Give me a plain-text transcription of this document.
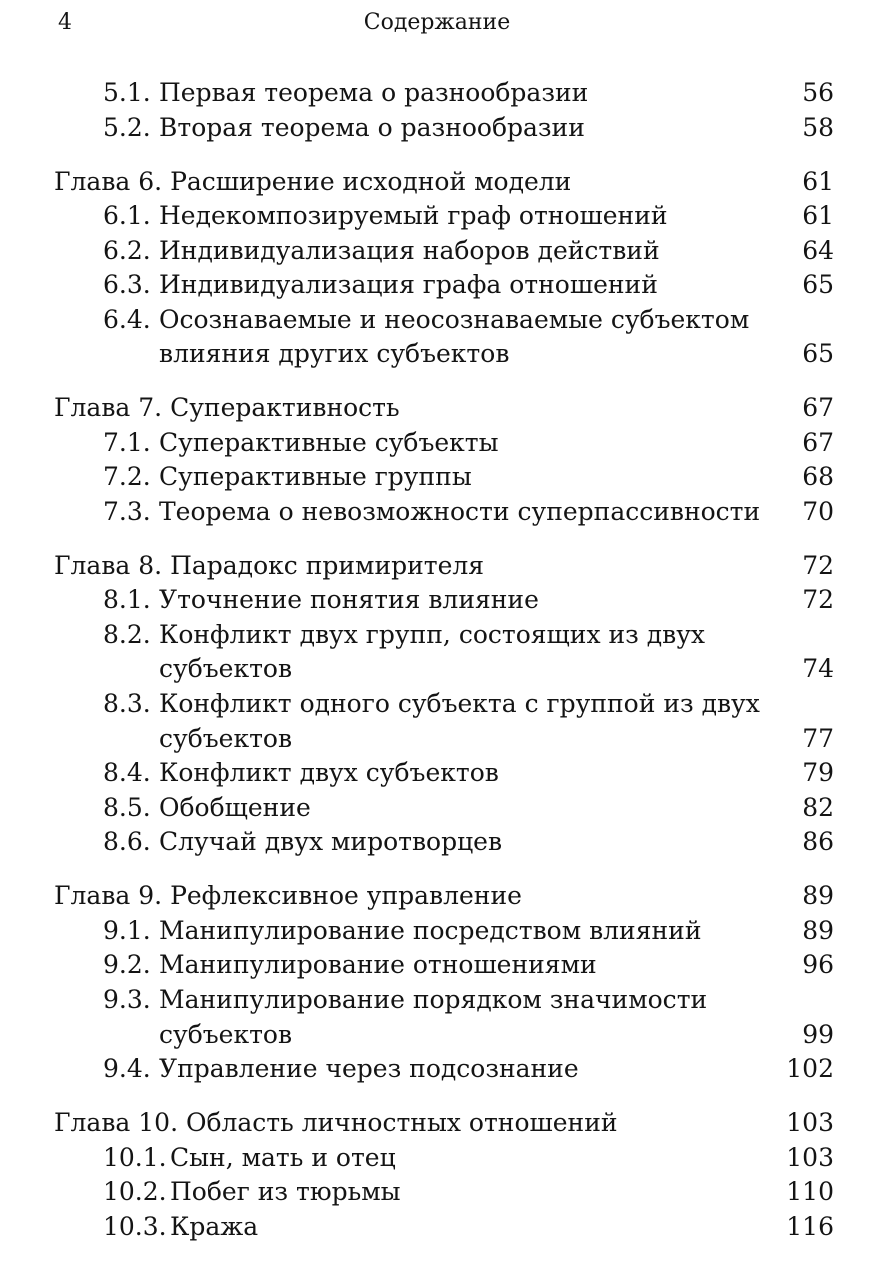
4	Содержание
5.1. Первая теорема о разнообразии	56
5.2. Вторая теорема о разнообразии	58
Глава 6. Расширение исходной модели	61
6.1. Недекомпозируемый граф отношений	61
6.2. Индивидуализация наборов действий	64
6.3. Индивидуализация графа отношений	65
6.4. Осознаваемые и неосознаваемые субъектом
влияния других субъектов	65
Глава 7. Суперактивность	67
7.1. Суперактивные субъекты	67
7.2. Суперактивные группы	68
7.3. Теорема о невозможности суперпассивности 70
Глава 8. Парадокс примирителя	72
8.1. Уточнение понятия влияние	72
8.2. Конфликт двух групп, состоящих из двух
субъектов	74
8.3. Конфликт одного субъекта с группой из двух
субъектов	77
8.4. Конфликт двух субъектов	79
8.5. Обобщение	82
8.6. Случай двух миротворцев	86
Глава 9. Рефлексивное управление	89
9.1. Манипулирование посредством влияний	89
9.2. Манипулирование отношениями	96
9.3. Манипулирование порядком значимости
субъектов	99
9.4. Управление через подсознание	102
Глава 10. Область личностных отношений	103
10.1. Сын, мать и отец	103
10.2. Побег из тюрьмы	110
10.3. Кража	116
